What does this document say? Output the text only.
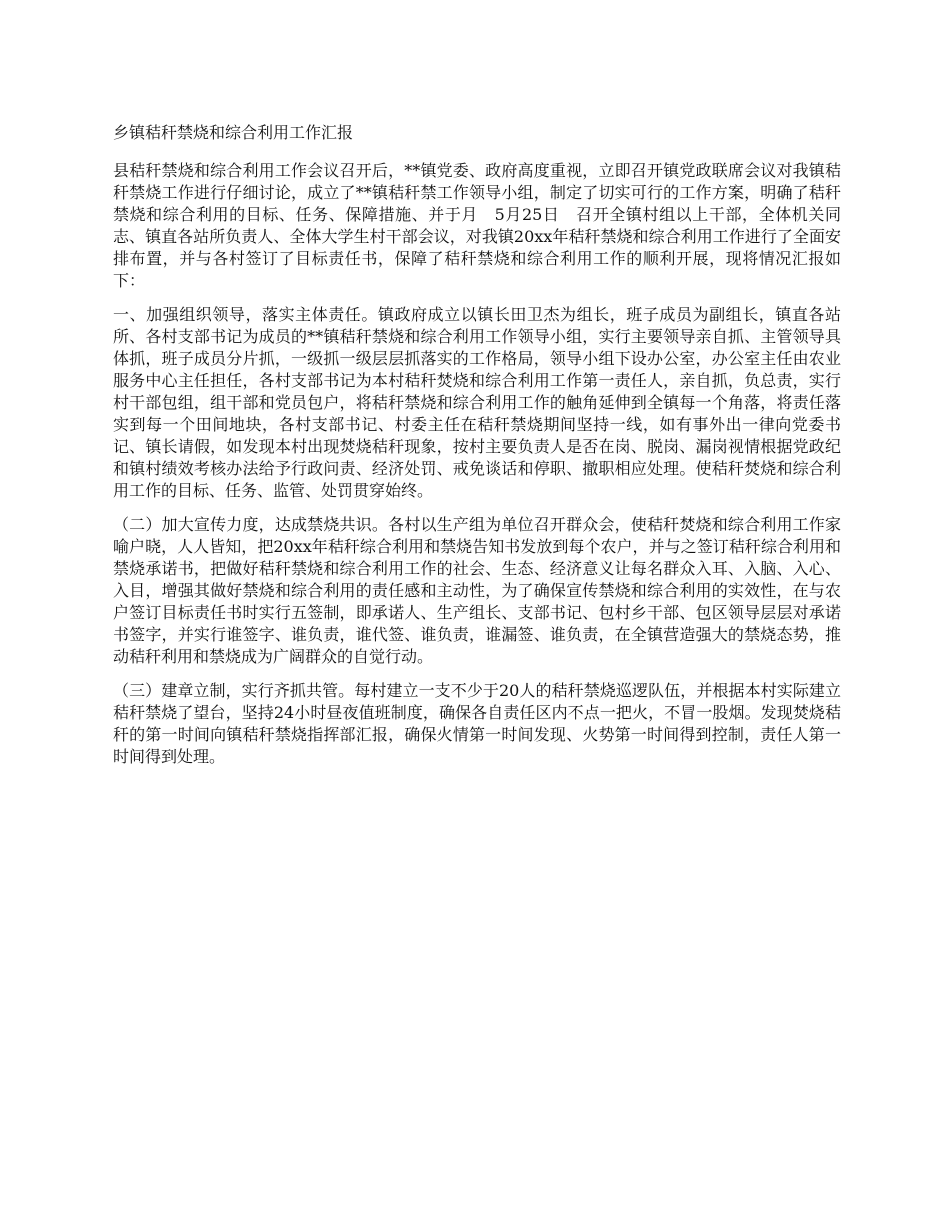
乡镇秸秆禁烧和综合利用工作汇报

县秸秆禁烧和综合利用工作会议召开后，**镇党委、政府高度重视，立即召开镇党政联席会议对我镇秸秆禁烧工作进行仔细讨论，成立了**镇秸秆禁工作领导小组，制定了切实可行的工作方案，明确了秸秆禁烧和综合利用的目标、任务、保障措施、并于月　5月25日　召开全镇村组以上干部，全体机关同志、镇直各站所负责人、全体大学生村干部会议，对我镇20xx年秸秆禁烧和综合利用工作进行了全面安排布置，并与各村签订了目标责任书，保障了秸秆禁烧和综合利用工作的顺利开展，现将情况汇报如下：

一、加强组织领导，落实主体责任。镇政府成立以镇长田卫杰为组长，班子成员为副组长，镇直各站所、各村支部书记为成员的**镇秸秆禁烧和综合利用工作领导小组，实行主要领导亲自抓、主管领导具体抓，班子成员分片抓，一级抓一级层层抓落实的工作格局，领导小组下设办公室，办公室主任由农业服务中心主任担任，各村支部书记为本村秸秆焚烧和综合利用工作第一责任人，亲自抓，负总责，实行村干部包组，组干部和党员包户，将秸秆禁烧和综合利用工作的触角延伸到全镇每一个角落，将责任落实到每一个田间地块，各村支部书记、村委主任在秸秆禁烧期间坚持一线，如有事外出一律向党委书记、镇长请假，如发现本村出现焚烧秸秆现象，按村主要负责人是否在岗、脱岗、漏岗视情根据党政纪和镇村绩效考核办法给予行政问责、经济处罚、戒免谈话和停职、撤职相应处理。使秸秆焚烧和综合利用工作的目标、任务、监管、处罚贯穿始终。

（二）加大宣传力度，达成禁烧共识。各村以生产组为单位召开群众会，使秸秆焚烧和综合利用工作家喻户晓，人人皆知，把20xx年秸秆综合利用和禁烧告知书发放到每个农户，并与之签订秸秆综合利用和禁烧承诺书，把做好秸秆禁烧和综合利用工作的社会、生态、经济意义让每名群众入耳、入脑、入心、入目，增强其做好禁烧和综合利用的责任感和主动性，为了确保宣传禁烧和综合利用的实效性，在与农户签订目标责任书时实行五签制，即承诺人、生产组长、支部书记、包村乡干部、包区领导层层对承诺书签字，并实行谁签字、谁负责，谁代签、谁负责，谁漏签、谁负责，在全镇营造强大的禁烧态势，推动秸秆利用和禁烧成为广阔群众的自觉行动。

（三）建章立制，实行齐抓共管。每村建立一支不少于20人的秸秆禁烧巡逻队伍，并根据本村实际建立秸秆禁烧了望台，坚持24小时昼夜值班制度，确保各自责任区内不点一把火，不冒一股烟。发现焚烧秸秆的第一时间向镇秸秆禁烧指挥部汇报，确保火情第一时间发现、火势第一时间得到控制，责任人第一时间得到处理。
